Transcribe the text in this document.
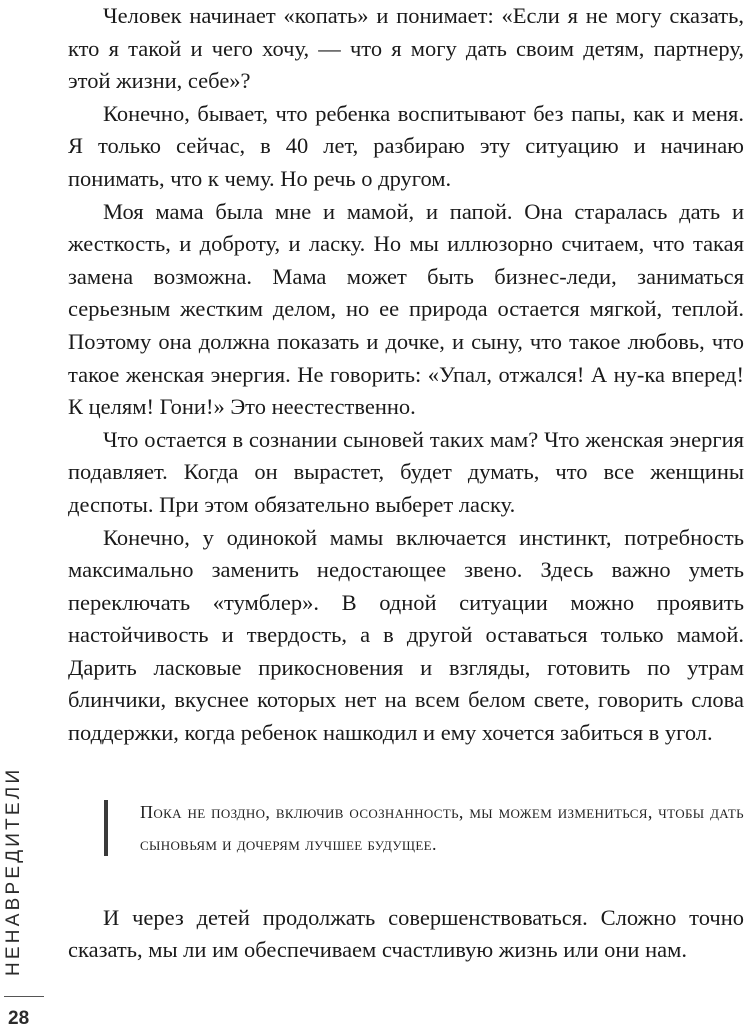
Человек начинает «копать» и понимает: «Если я не могу сказать, кто я такой и чего хочу, — что я могу дать своим детям, партнеру, этой жизни, себе»?

Конечно, бывает, что ребенка воспитывают без папы, как и меня. Я только сейчас, в 40 лет, разбираю эту ситуацию и начинаю понимать, что к чему. Но речь о другом.

Моя мама была мне и мамой, и папой. Она старалась дать и жесткость, и доброту, и ласку. Но мы иллюзорно считаем, что такая замена возможна. Мама может быть бизнес-леди, заниматься серьезным жестким делом, но ее природа остается мягкой, теплой. Поэтому она должна показать и дочке, и сыну, что такое любовь, что такое женская энергия. Не говорить: «Упал, отжался! А ну-ка вперед! К целям! Гони!» Это неестественно.

Что остается в сознании сыновей таких мам? Что женская энергия подавляет. Когда он вырастет, будет думать, что все женщины деспоты. При этом обязательно выберет ласку.

Конечно, у одинокой мамы включается инстинкт, потребность максимально заменить недостающее звено. Здесь важно уметь переключать «тумблер». В одной ситуации можно проявить настойчивость и твердость, а в другой оставаться только мамой. Дарить ласковые прикосновения и взгляды, готовить по утрам блинчики, вкуснее которых нет на всем белом свете, говорить слова поддержки, когда ребенок нашкодил и ему хочется забиться в угол.

Пока не поздно, включив осознанность, мы можем измениться, чтобы дать сыновьям и дочерям лучшее будущее.

И через детей продолжать совершенствоваться. Сложно точно сказать, мы ли им обеспечиваем счастливую жизнь или они нам.

НЕНАВРЕДИТЕЛИ
28
